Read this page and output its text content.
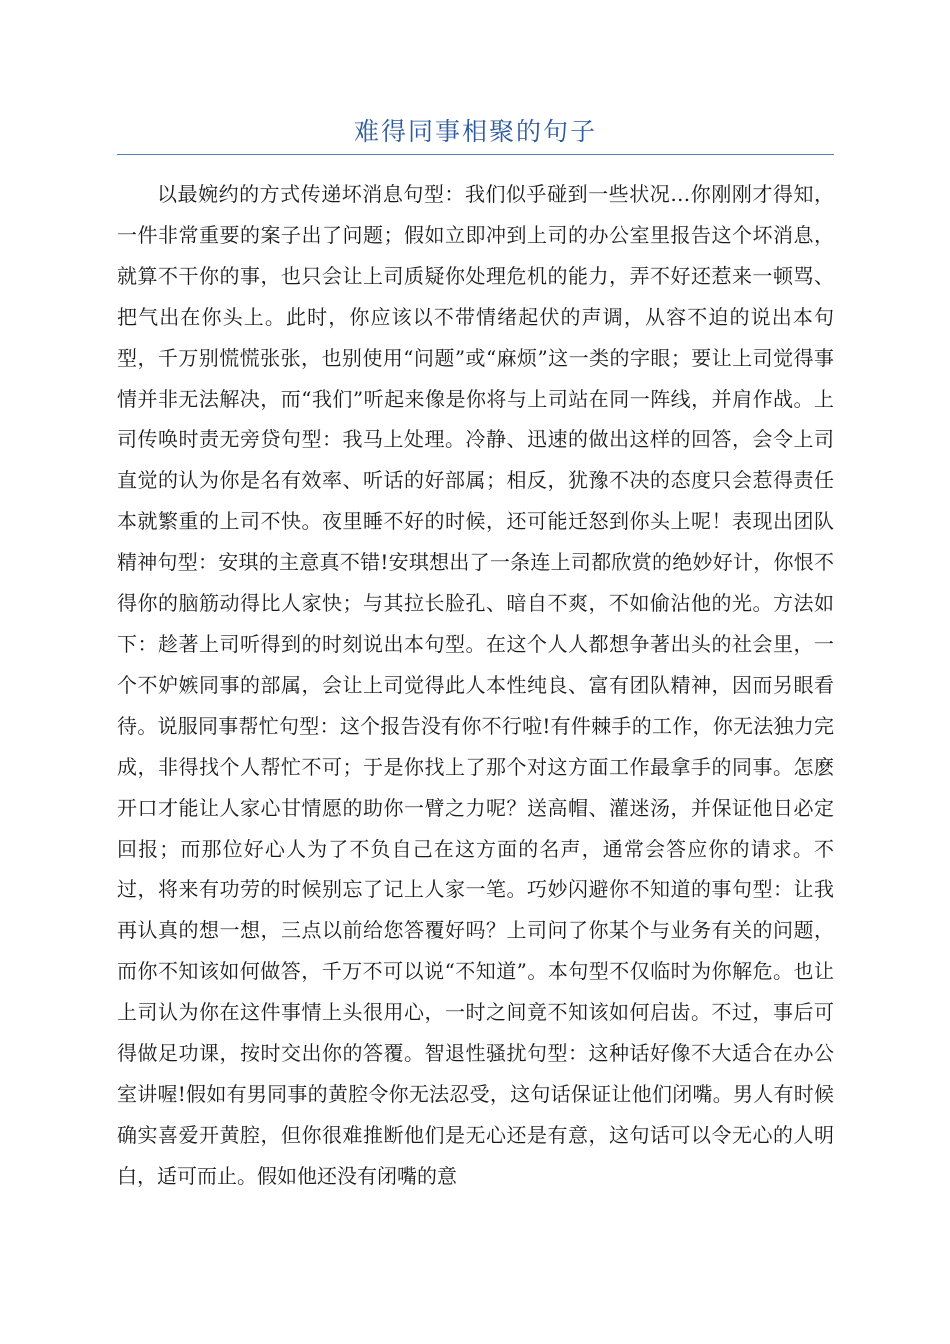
难得同事相聚的句子

以最婉约的方式传递坏消息句型：我们似乎碰到一些状况…你刚刚才得知，一件非常重要的案子出了问题；假如立即冲到上司的办公室里报告这个坏消息，就算不干你的事，也只会让上司质疑你处理危机的能力，弄不好还惹来一顿骂、把气出在你头上。此时，你应该以不带情绪起伏的声调，从容不迫的说出本句型，千万别慌慌张张，也别使用“问题”或“麻烦”这一类的字眼；要让上司觉得事情并非无法解决，而“我们”听起来像是你将与上司站在同一阵线，并肩作战。上司传唤时责无旁贷句型：我马上处理。冷静、迅速的做出这样的回答，会令上司直觉的认为你是名有效率、听话的好部属；相反，犹豫不决的态度只会惹得责任本就繁重的上司不快。夜里睡不好的时候，还可能迁怒到你头上呢！表现出团队精神句型：安琪的主意真不错!安琪想出了一条连上司都欣赏的绝妙好计，你恨不得你的脑筋动得比人家快；与其拉长脸孔、暗自不爽，不如偷沾他的光。方法如下：趁著上司听得到的时刻说出本句型。在这个人人都想争著出头的社会里，一个不妒嫉同事的部属，会让上司觉得此人本性纯良、富有团队精神，因而另眼看待。说服同事帮忙句型：这个报告没有你不行啦!有件棘手的工作，你无法独力完成，非得找个人帮忙不可；于是你找上了那个对这方面工作最拿手的同事。怎麽开口才能让人家心甘情愿的助你一臂之力呢？送高帽、灌迷汤，并保证他日必定回报；而那位好心人为了不负自己在这方面的名声，通常会答应你的请求。不过，将来有功劳的时候别忘了记上人家一笔。巧妙闪避你不知道的事句型：让我再认真的想一想，三点以前给您答覆好吗？上司问了你某个与业务有关的问题，而你不知该如何做答，千万不可以说“不知道”。本句型不仅临时为你解危。也让上司认为你在这件事情上头很用心，一时之间竟不知该如何启齿。不过，事后可得做足功课，按时交出你的答覆。智退性骚扰句型：这种话好像不大适合在办公室讲喔!假如有男同事的黄腔令你无法忍受，这句话保证让他们闭嘴。男人有时候确实喜爱开黄腔，但你很难推断他们是无心还是有意，这句话可以令无心的人明白，适可而止。假如他还没有闭嘴的意
